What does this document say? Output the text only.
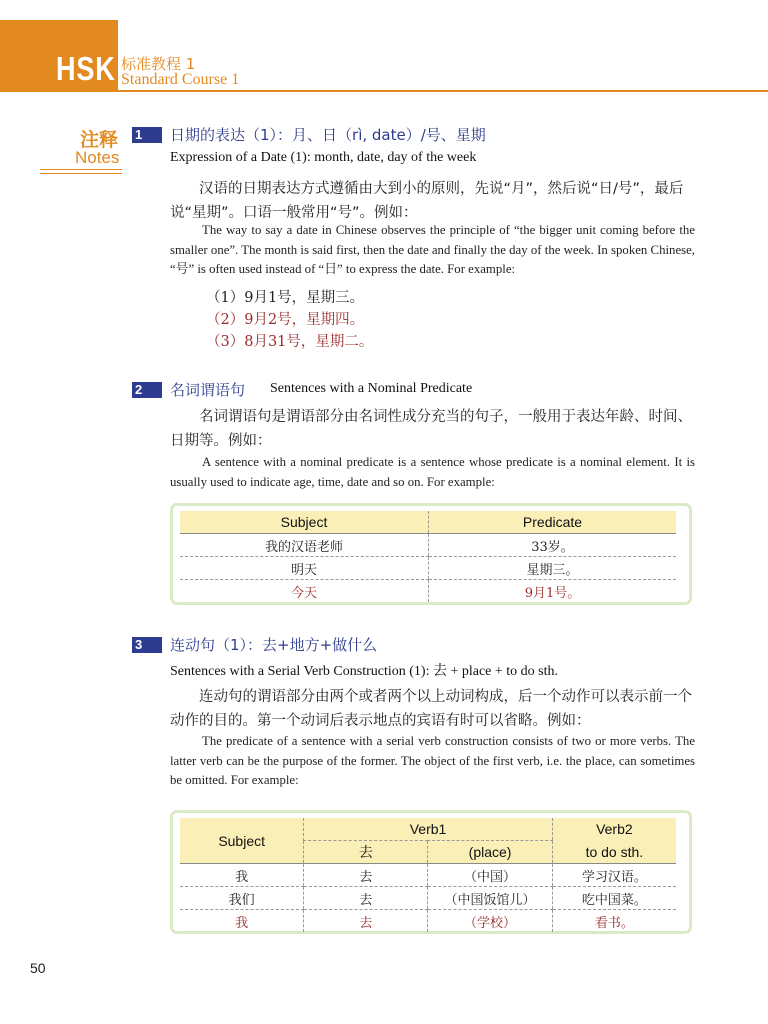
HSK 标准教程 1
Standard Course 1
注释
Notes
1	日期的表达（1）：月、日（rì, date）/号、星期
Expression of a Date (1): month, date, day of the week
汉语的日期表达方式遵循由大到小的原则，先说“月”，然后说“日/号”，最后说“星期”。口语一般常用“号”。例如：
The way to say a date in Chinese observes the principle of “the bigger unit coming before the smaller one”. The month is said first, then the date and finally the day of the week. In spoken Chinese, “号” is often used instead of “日” to express the date. For example:
（1）9月1号，星期三。
（2）9月2号，星期四。
（3）8月31号，星期二。
2	名词谓语句 Sentences with a Nominal Predicate
名词谓语句是谓语部分由名词性成分充当的句子，一般用于表达年龄、时间、日期等。例如：
A sentence with a nominal predicate is a sentence whose predicate is a nominal element. It is usually used to indicate age, time, date and so on. For example:
Subject	Predicate
我的汉语老师	33岁。
明天	星期三。
今天	9月1号。
3	连动句（1）：去+地方+做什么
Sentences with a Serial Verb Construction (1): 去 + place + to do sth.
连动句的谓语部分由两个或者两个以上动词构成，后一个动作可以表示前一个动作的目的。第一个动词后表示地点的宾语有时可以省略。例如：
The predicate of a sentence with a serial verb construction consists of two or more verbs. The latter verb can be the purpose of the former. The object of the first verb, i.e. the place, can sometimes be omitted. For example:
Subject	Verb1		Verb2
	去	(place)	to do sth.
我	去	（中国）	学习汉语。
我们	去	（中国饭馆儿）	吃中国菜。
我	去	（学校）	看书。
50
